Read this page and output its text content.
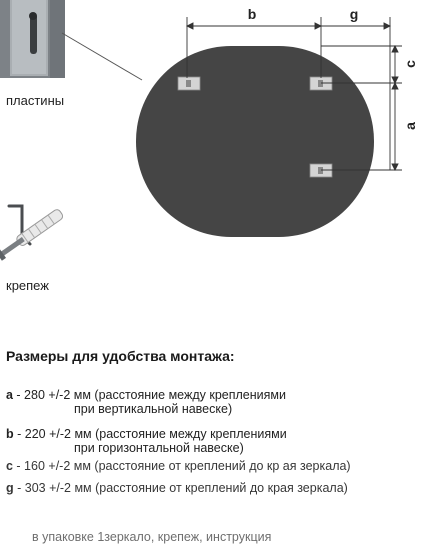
b	g
c
a
пластины
крепеж
Размеры для удобства монтажа:
a - 280 +/-2 мм (расстояние между креплениями

при вертикальной навеске)
b - 220 +/-2 мм (расстояние между креплениями

при горизонтальной навеске)
c - 160 +/-2 мм (расстояние от креплений до кр ая зеркала)
g - 303 +/-2 мм (расстояние от креплений до края зеркала)
в упаковке 1зеркало, крепеж, инструкция
